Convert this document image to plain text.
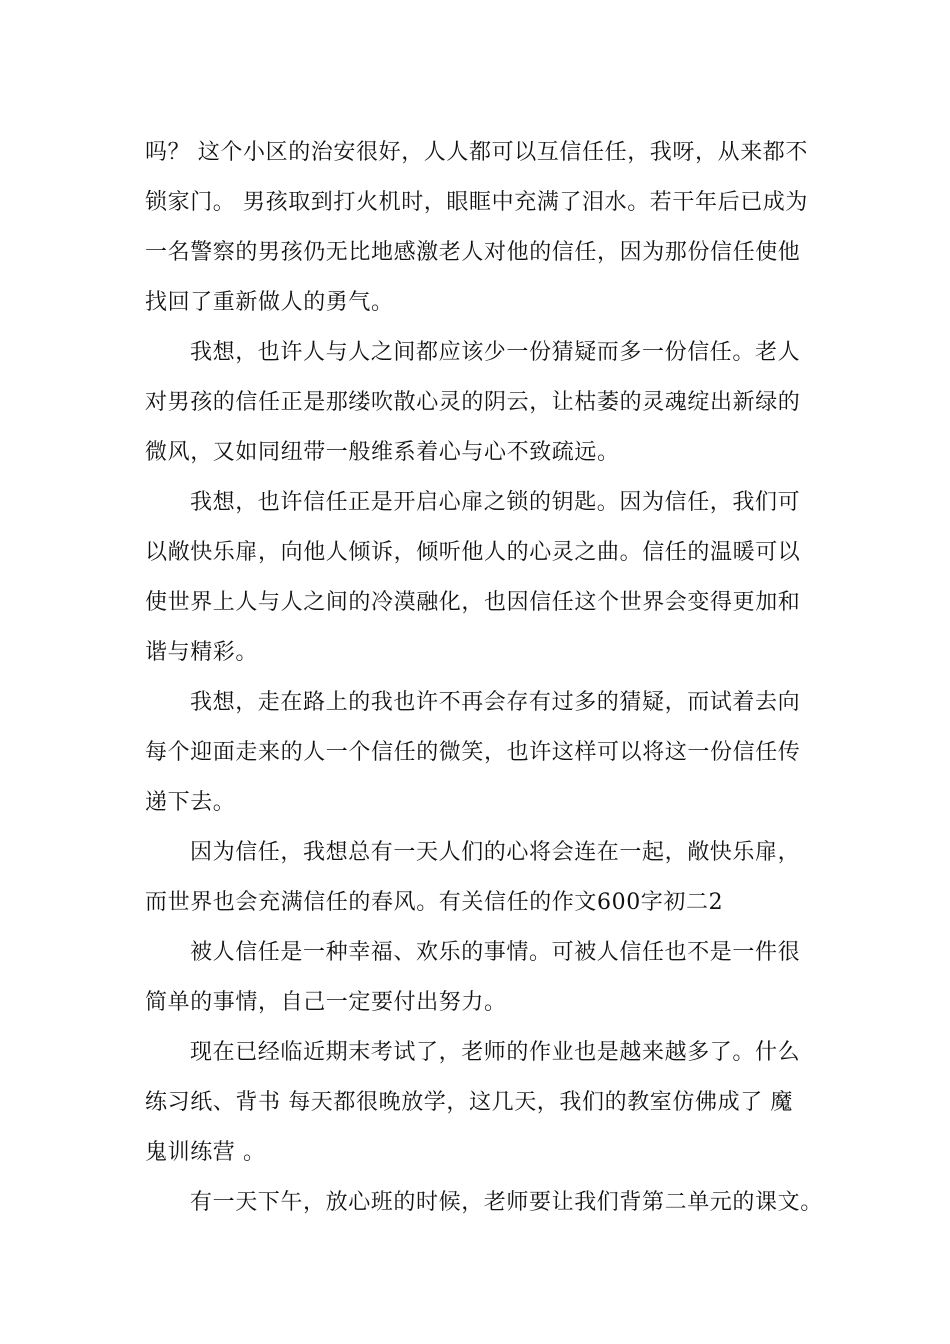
吗？ 这个小区的治安很好，人人都可以互信任任，我呀，从来都不
锁家门。 男孩取到打火机时，眼眶中充满了泪水。若干年后已成为
一名警察的男孩仍无比地感激老人对他的信任，因为那份信任使他
找回了重新做人的勇气。
我想，也许人与人之间都应该少一份猜疑而多一份信任。老人
对男孩的信任正是那缕吹散心灵的阴云，让枯萎的灵魂绽出新绿的
微风，又如同纽带一般维系着心与心不致疏远。
我想，也许信任正是开启心扉之锁的钥匙。因为信任，我们可
以敞快乐扉，向他人倾诉，倾听他人的心灵之曲。信任的温暖可以
使世界上人与人之间的冷漠融化，也因信任这个世界会变得更加和
谐与精彩。
我想，走在路上的我也许不再会存有过多的猜疑，而试着去向
每个迎面走来的人一个信任的微笑，也许这样可以将这一份信任传
递下去。
因为信任，我想总有一天人们的心将会连在一起，敞快乐扉，
而世界也会充满信任的春风。有关信任的作文600字初二2
被人信任是一种幸福、欢乐的事情。可被人信任也不是一件很
简单的事情，自己一定要付出努力。
现在已经临近期末考试了，老师的作业也是越来越多了。什么
练习纸、背书 每天都很晚放学，这几天，我们的教室仿佛成了 魔
鬼训练营 。
有一天下午，放心班的时候，老师要让我们背第二单元的课文。
